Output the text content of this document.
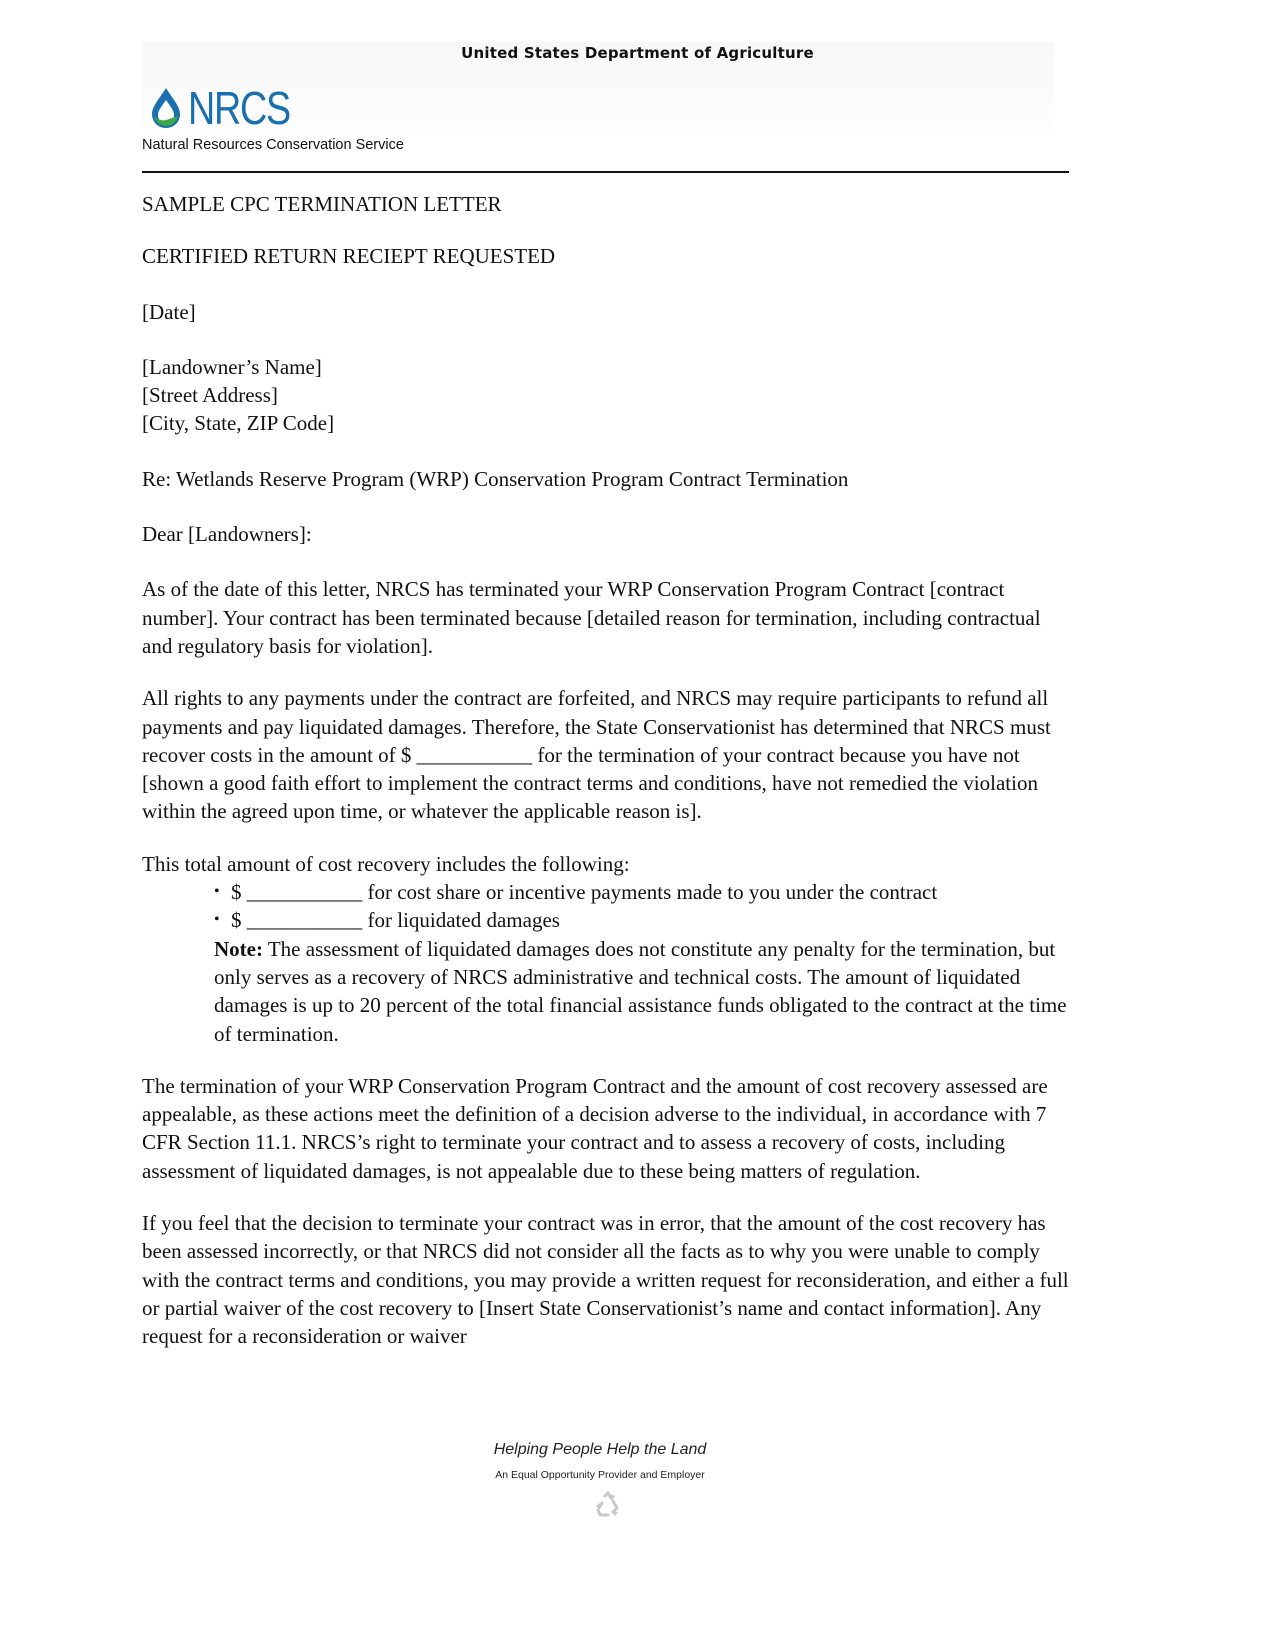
United States Department of Agriculture
NRCS
Natural Resources Conservation Service

SAMPLE CPC TERMINATION LETTER

CERTIFIED RETURN RECIEPT REQUESTED

[Date]

[Landowner’s Name]

[Street Address]

[City, State, ZIP Code]

Re: Wetlands Reserve Program (WRP) Conservation Program Contract Termination

Dear [Landowners]:

As of the date of this letter, NRCS has terminated your WRP Conservation Program Contract [contract number]. Your contract has been terminated because [detailed reason for termination, including contractual and regulatory basis for violation].

All rights to any payments under the contract are forfeited, and NRCS may require participants to refund all payments and pay liquidated damages. Therefore, the State Conservationist has determined that NRCS must recover costs in the amount of $ ___________ for the termination of your contract because you have not [shown a good faith effort to implement the contract terms and conditions, have not remedied the violation within the agreed upon time, or whatever the applicable reason is].

This total amount of cost recovery includes the following:

• $ ___________ for cost share or incentive payments made to you under the contract
• $ ___________ for liquidated damages

Note: The assessment of liquidated damages does not constitute any penalty for the termination, but only serves as a recovery of NRCS administrative and technical costs. The amount of liquidated damages is up to 20 percent of the total financial assistance funds obligated to the contract at the time of termination.

The termination of your WRP Conservation Program Contract and the amount of cost recovery assessed are appealable, as these actions meet the definition of a decision adverse to the individual, in accordance with 7 CFR Section 11.1. NRCS’s right to terminate your contract and to assess a recovery of costs, including assessment of liquidated damages, is not appealable due to these being matters of regulation.

If you feel that the decision to terminate your contract was in error, that the amount of the cost recovery has been assessed incorrectly, or that NRCS did not consider all the facts as to why you were unable to comply with the contract terms and conditions, you may provide a written request for reconsideration, and either a full or partial waiver of the cost recovery to [Insert State Conservationist’s name and contact information]. Any request for a reconsideration or waiver

Helping People Help the Land
An Equal Opportunity Provider and Employer
